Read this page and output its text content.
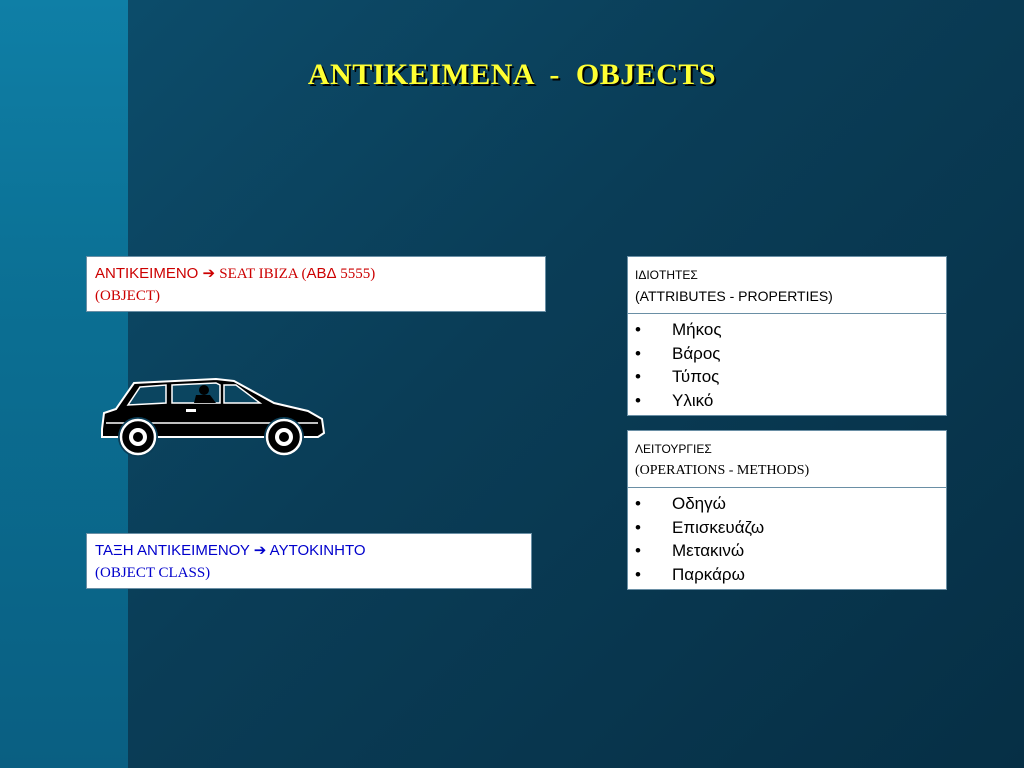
ANTIKEIMENA  -  OBJECTS
ΑΝΤΙΚΕΙΜΕΝΟ ➔ SEAT IBIZA (ΑΒΔ 5555)
(OBJECT)
ΤΑΞΗ ΑΝΤΙΚΕΙΜΕΝΟΥ ➔ ΑΥΤΟΚΙΝΗΤΟ
(OBJECT CLASS)
ΙΔΙΟΤΗΤΕΣ
(ATTRIBUTES - PROPERTIES)
•	Μήκος
•	Βάρος
•	Τύπος
•	Υλικό
ΛΕΙΤΟΥΡΓΙΕΣ
(OPERATIONS - METHODS)
•	Οδηγώ
•	Επισκευάζω
•	Μετακινώ
•	Παρκάρω
